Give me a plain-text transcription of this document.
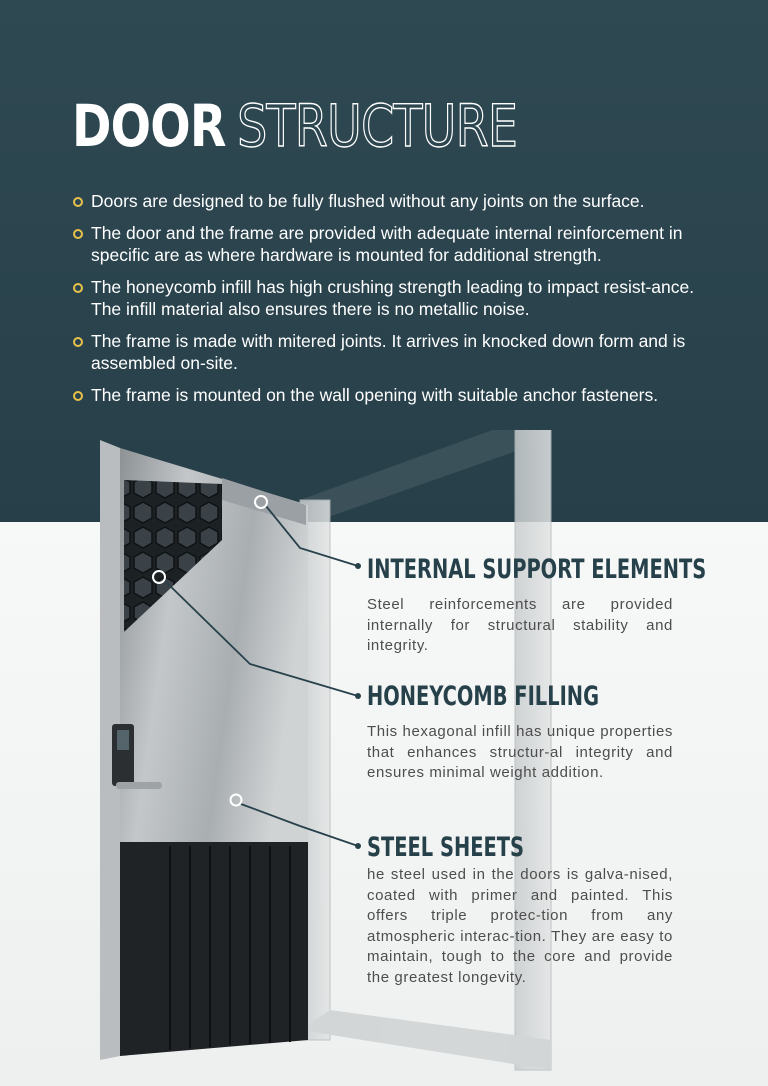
DOOR STRUCTURE
Doors are designed to be fully flushed without any joints on the surface.
The door and the frame are provided with adequate internal reinforcement in specific are as where hardware is mounted for additional strength.
The honeycomb infill has high crushing strength leading to impact resist-ance. The infill material also ensures there is no metallic noise.
The frame is made with mitered joints. It arrives in knocked down form and is assembled on-site.
The frame is mounted on the wall opening with suitable anchor fasteners.
INTERNAL SUPPORT ELEMENTS

Steel reinforcements are provided internally for structural stability and integrity.

HONEYCOMB FILLING

This hexagonal infill has unique properties that enhances structur-al integrity and ensures minimal weight addition.

STEEL SHEETS

he steel used in the doors is galva-nised, coated with primer and painted. This offers triple protec-tion from any atmospheric interac-tion. They are easy to maintain, tough to the core and provide the greatest longevity.
